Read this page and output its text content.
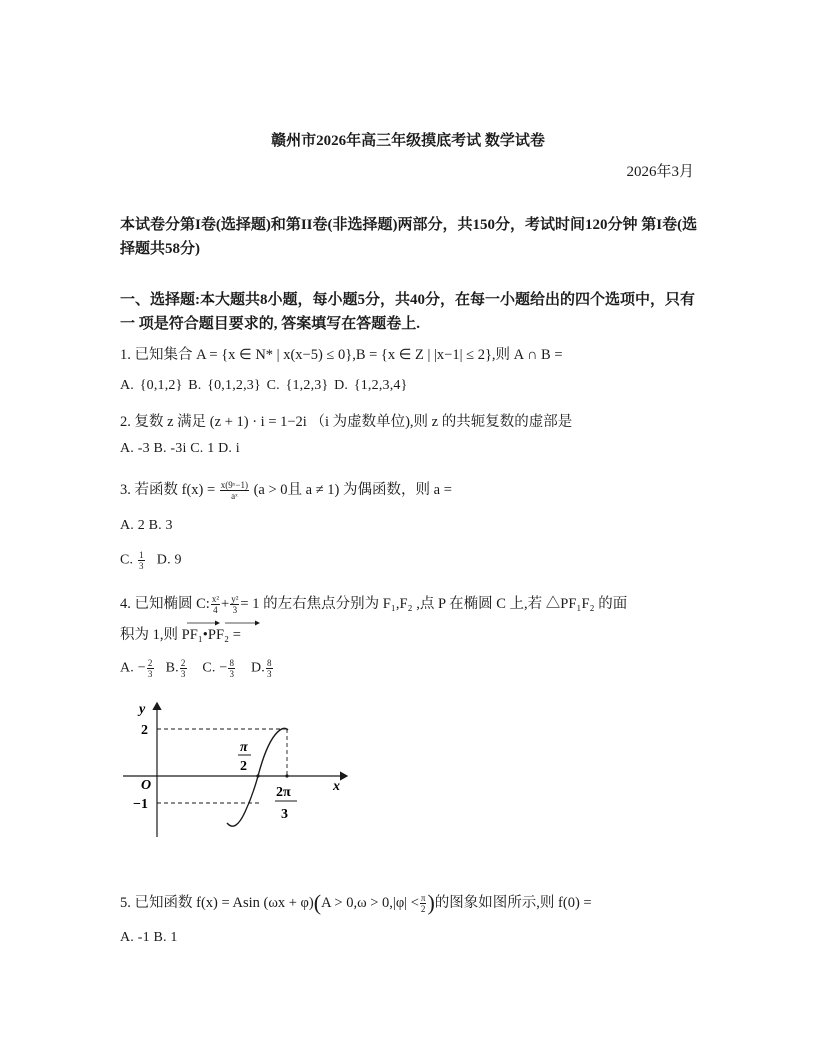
赣州市2026年高三年级摸底考试 数学试卷
2026年3月
本试卷分第I卷(选择题)和第II卷(非选择题)两部分，共150分，考试时间120分钟 第I卷(选择题共58分)
一、选择题:本大题共8小题，每小题5分，共40分，在每一小题给出的四个选项中，只有一 项是符合题目要求的, 答案填写在答题卷上.
1. 已知集合 A = {x ∈ N* | x(x−5) ≤ 0},B = {x ∈ Z | |x−1| ≤ 2},则 A ∩ B =
A. {0,1,2} B. {0,1,2,3} C. {1,2,3} D. {1,2,3,4}
2. 复数 z 满足 (z + 1) · i = 1−2i （i 为虚数单位),则 z 的共轭复数的虚部是
A. -3 B. -3i C. 1 D. i
3. 若函数 $f(x) = \frac{\text{x(9ˣ−1)}}{\text{aˣ}} (a > 0$且 a ≠ 1) 为偶函数，则 a =
A. 2 B. 3
C. $\frac{1}{3} D$. 9
4. 已知椭圆 C: $\frac{\text{x²}}{4} + \frac{\text{y²}}{3} = 1$ 的左右焦点分别为 F₁,F₂ ,点 P 在椭圆 C 上,若 △PF₁F₂ 的面
积为 1,则 PF₁•PF₂ =
A. − $\frac{2}{3} B$. $\frac{2}{3} C$. − $\frac{8}{3} D$. $\frac{8}{3}$
y
x
O
2
−1
π
2
2π
3
5. 已知函数 f(x) = Asin $(\omega x + \varphi)(A > 0,\omega > 0,|\varphi| < \frac{\pi}{2}$ )的图象如图所示,则 f(0) =
A. -1 B. 1
